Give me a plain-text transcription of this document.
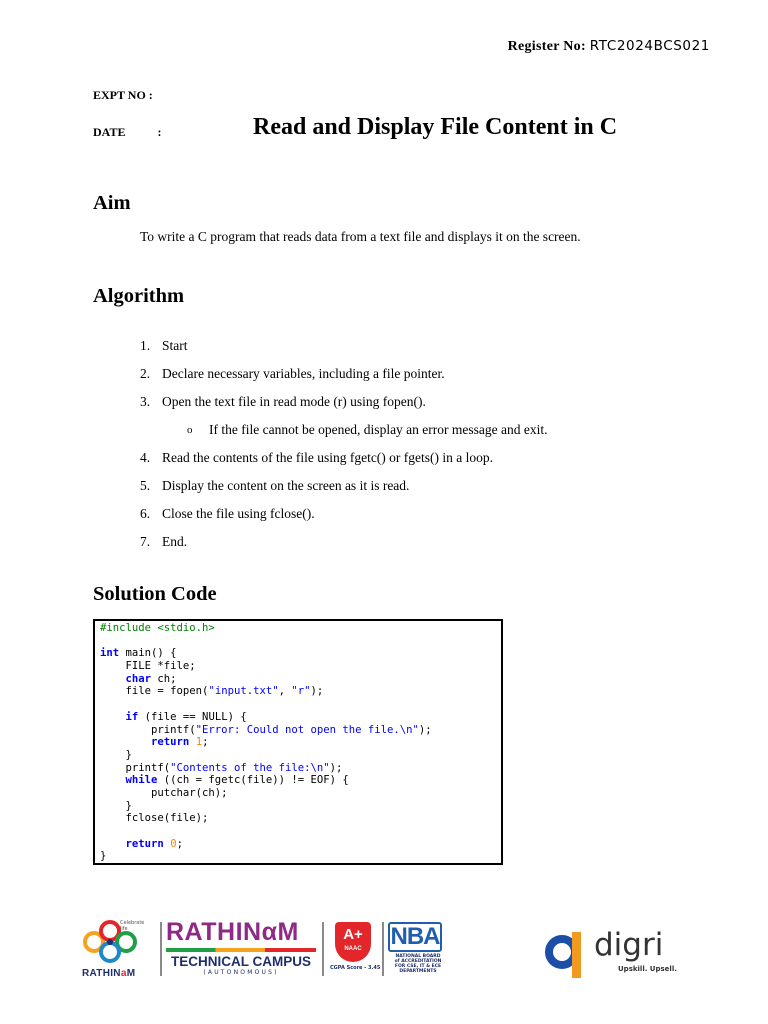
Register No: RTC2024BCS021
EXPT NO :
DATE	:	Read and Display File Content in C
Aim

To write a C program that reads data from a text file and displays it on the screen.

Algorithm
1. Start
2. Declare necessary variables, including a file pointer.
3. Open the text file in read mode (r) using fopen().
o	If the file cannot be opened, display an error message and exit.
4. Read the contents of the file using fgetc() or fgets() in a loop.
5. Display the content on the screen as it is read.
6. Close the file using fclose().
7. End.
Solution Code
#include <stdio.h>
int main() {
FILE *file;
char ch;
file = fopen("input.txt", "r");
if (file == NULL) {
printf("Error: Could not open the file.\n");
return 1;
}
printf("Contents of the file:\n");
while ((ch = fgetc(file)) != EOF) {
putchar(ch);
}
fclose(file);
return 0;
}
Celebrate life
RATHINaM
RATHINαM
TECHNICAL CAMPUS
(AUTONOMOUS)
A+
NAAC
CGPA Score - 3.45
NBA
NATIONAL BOARD
of ACCREDITATION
FOR CSE, IT & ECE
DEPARTMENTS
digri
Upskill. Upsell.
